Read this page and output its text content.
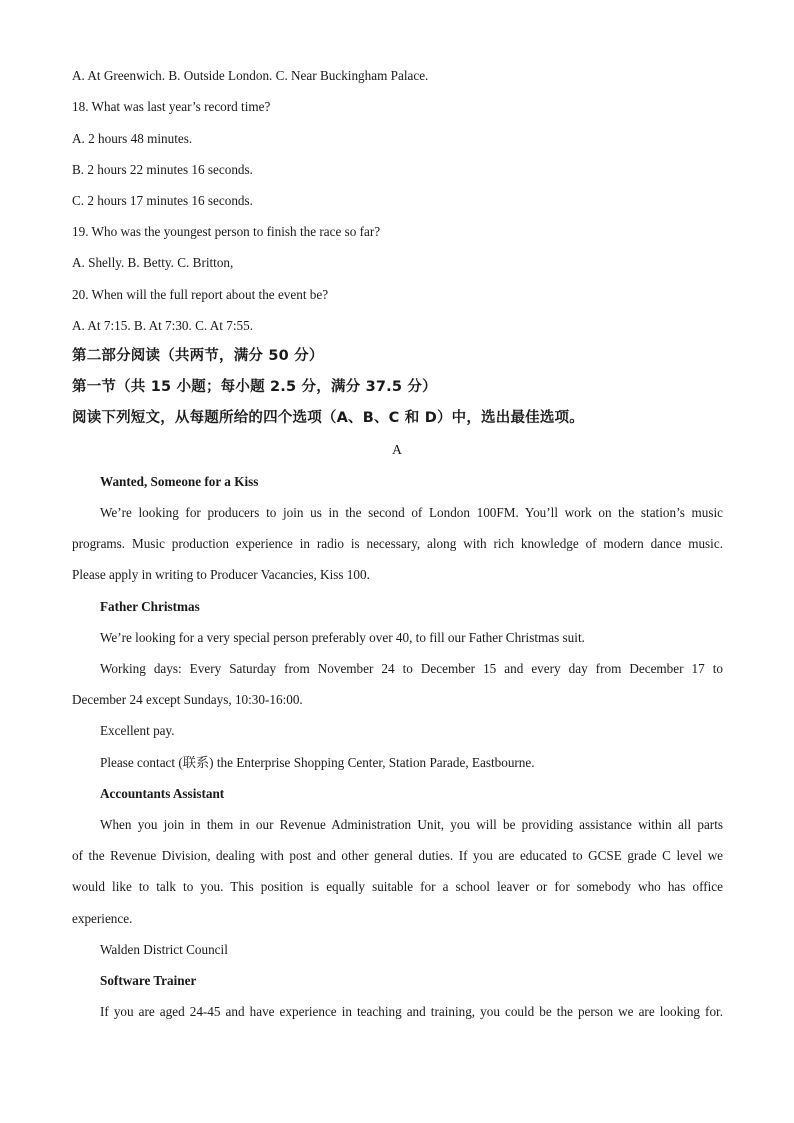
A. At Greenwich. B. Outside London. C. Near Buckingham Palace.
18. What was last year’s record time?
A. 2 hours 48 minutes.
B. 2 hours 22 minutes 16 seconds.
C. 2 hours 17 minutes 16 seconds.
19. Who was the youngest person to finish the race so far?
A. Shelly. B. Betty. C. Britton,
20. When will the full report about the event be?
A. At 7:15. B. At 7:30. C. At 7:55.
第二部分阅读（共两节，满分 50 分）
第一节（共 15 小题；每小题 2.5 分，满分 37.5 分）
阅读下列短文，从每题所给的四个选项（A、B、C 和 D）中，选出最佳选项。
A
Wanted, Someone for a Kiss
We’re looking for producers to join us in the second of London 100FM. You’ll work on the station’s music
programs. Music production experience in radio is necessary, along with rich knowledge of modern dance music.
Please apply in writing to Producer Vacancies, Kiss 100.
Father Christmas
We’re looking for a very special person preferably over 40, to fill our Father Christmas suit.
Working days: Every Saturday from November 24 to December 15 and every day from December 17 to
December 24 except Sundays, 10:30-16:00.
Excellent pay.
Please contact (联系) the Enterprise Shopping Center, Station Parade, Eastbourne.
Accountants Assistant
When you join in them in our Revenue Administration Unit, you will be providing assistance within all parts
of the Revenue Division, dealing with post and other general duties. If you are educated to GCSE grade C level we
would like to talk to you. This position is equally suitable for a school leaver or for somebody who has office
experience.
Walden District Council
Software Trainer
If you are aged 24-45 and have experience in teaching and training, you could be the person we are looking for.
